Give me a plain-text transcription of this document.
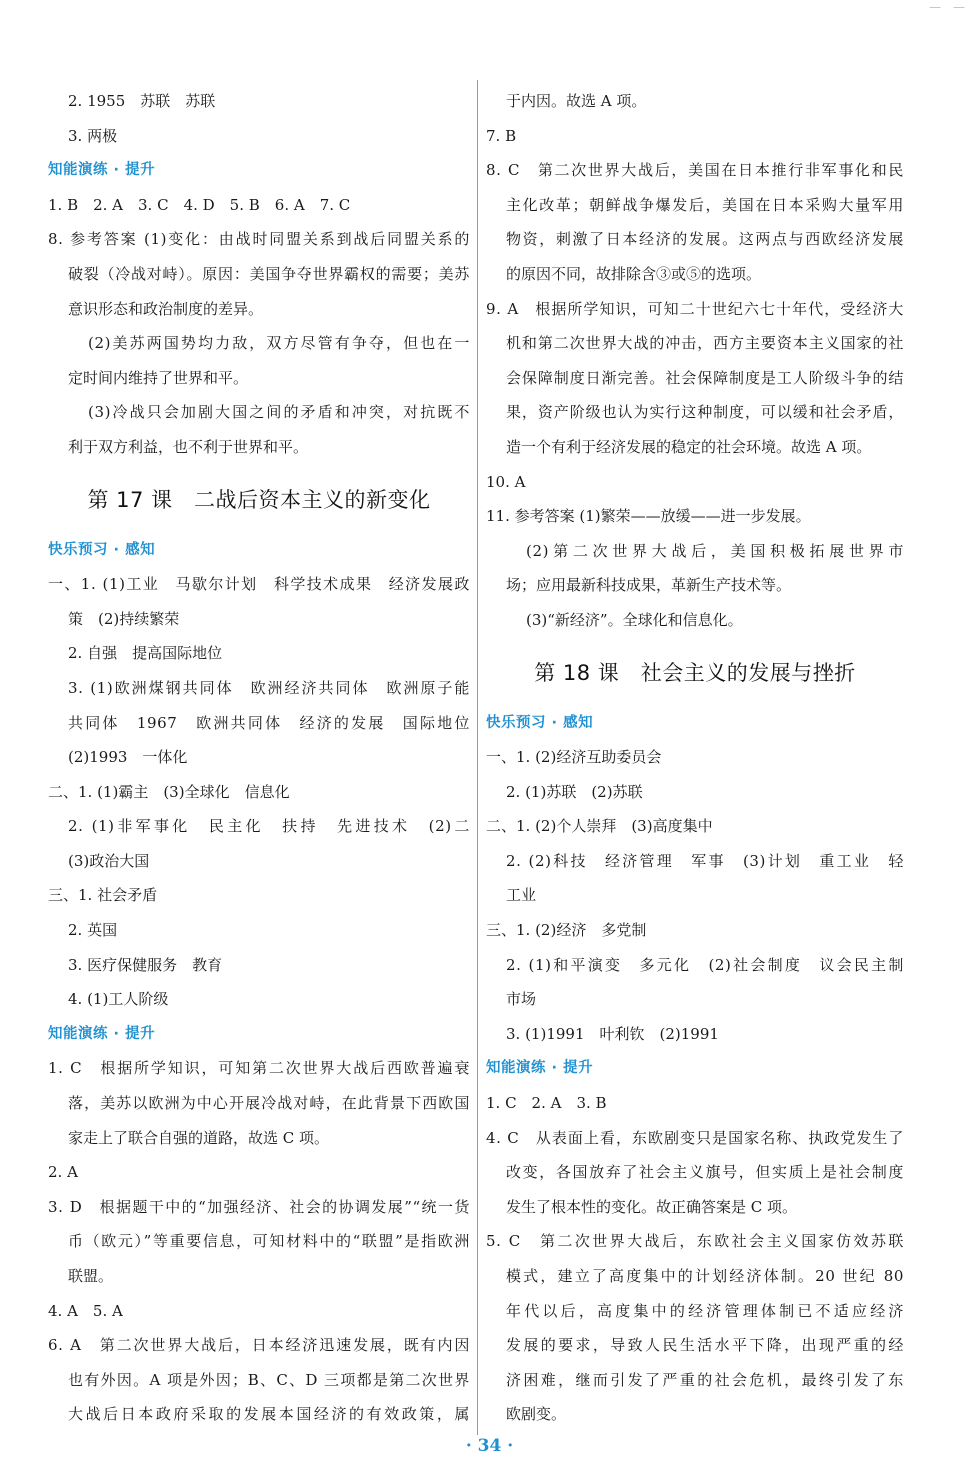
— —
2. 1955　苏联　苏联
3. 两极
知能演练 · 提升
1. B　2. A　3. C　4. D　5. B　6. A　7. C
8. 参考答案 (1)变化：由战时同盟关系到战后同盟关系的
破裂（冷战对峙）。原因：美国争夺世界霸权的需要；美苏
意识形态和政治制度的差异。
(2)美苏两国势均力敌，双方尽管有争夺，但也在一
定时间内维持了世界和平。
(3)冷战只会加剧大国之间的矛盾和冲突，对抗既不
利于双方利益，也不利于世界和平。
第 17 课　二战后资本主义的新变化
快乐预习 · 感知
一、1. (1)工业　马歇尔计划　科学技术成果　经济发展政
策　(2)持续繁荣
2. 自强　提高国际地位
3. (1)欧洲煤钢共同体　欧洲经济共同体　欧洲原子能
共同体　1967　欧洲共同体　经济的发展　国际地位
(2)1993　一体化
二、1. (1)霸主　(3)全球化　信息化
2. (1)非军事化　民主化　扶持　先进技术　(2)二
(3)政治大国
三、1. 社会矛盾
2. 英国
3. 医疗保健服务　教育
4. (1)工人阶级
知能演练 · 提升
1. C　根据所学知识，可知第二次世界大战后西欧普遍衰
落，美苏以欧洲为中心开展冷战对峙，在此背景下西欧国
家走上了联合自强的道路，故选 C 项。
2. A
3. D　根据题干中的“加强经济、社会的协调发展”“统一货
币（欧元）”等重要信息，可知材料中的“联盟”是指欧洲
联盟。
4. A　5. A
6. A　第二次世界大战后，日本经济迅速发展，既有内因
也有外因。A 项是外因；B、C、D 三项都是第二次世界
大战后日本政府采取的发展本国经济的有效政策，属
于内因。故选 A 项。
7. B
8. C　第二次世界大战后，美国在日本推行非军事化和民
主化改革；朝鲜战争爆发后，美国在日本采购大量军用
物资，刺激了日本经济的发展。这两点与西欧经济发展
的原因不同，故排除含③或⑤的选项。
9. A　根据所学知识，可知二十世纪六七十年代，受经济大
机和第二次世界大战的冲击，西方主要资本主义国家的社
会保障制度日渐完善。社会保障制度是工人阶级斗争的结
果，资产阶级也认为实行这种制度，可以缓和社会矛盾，
造一个有利于经济发展的稳定的社会环境。故选 A 项。
10. A
11. 参考答案 (1)繁荣——放缓——进一步发展。
(2)第二次世界大战后，美国积极拓展世界市
场；应用最新科技成果，革新生产技术等。
(3)“新经济”。全球化和信息化。
第 18 课　社会主义的发展与挫折
快乐预习 · 感知
一、1. (2)经济互助委员会
2. (1)苏联　(2)苏联
二、1. (2)个人崇拜　(3)高度集中
2. (2)科技　经济管理　军事　(3)计划　重工业　轻
工业
三、1. (2)经济　多党制
2. (1)和平演变　多元化　(2)社会制度　议会民主制
市场
3. (1)1991　叶利钦　(2)1991
知能演练 · 提升
1. C　2. A　3. B
4. C　从表面上看，东欧剧变只是国家名称、执政党发生了
改变，各国放弃了社会主义旗号，但实质上是社会制度
发生了根本性的变化。故正确答案是 C 项。
5. C　第二次世界大战后，东欧社会主义国家仿效苏联
模式，建立了高度集中的计划经济体制。20 世纪 80
年代以后，高度集中的经济管理体制已不适应经济
发展的要求，导致人民生活水平下降，出现严重的经
济困难，继而引发了严重的社会危机，最终引发了东
欧剧变。
· 34 ·
